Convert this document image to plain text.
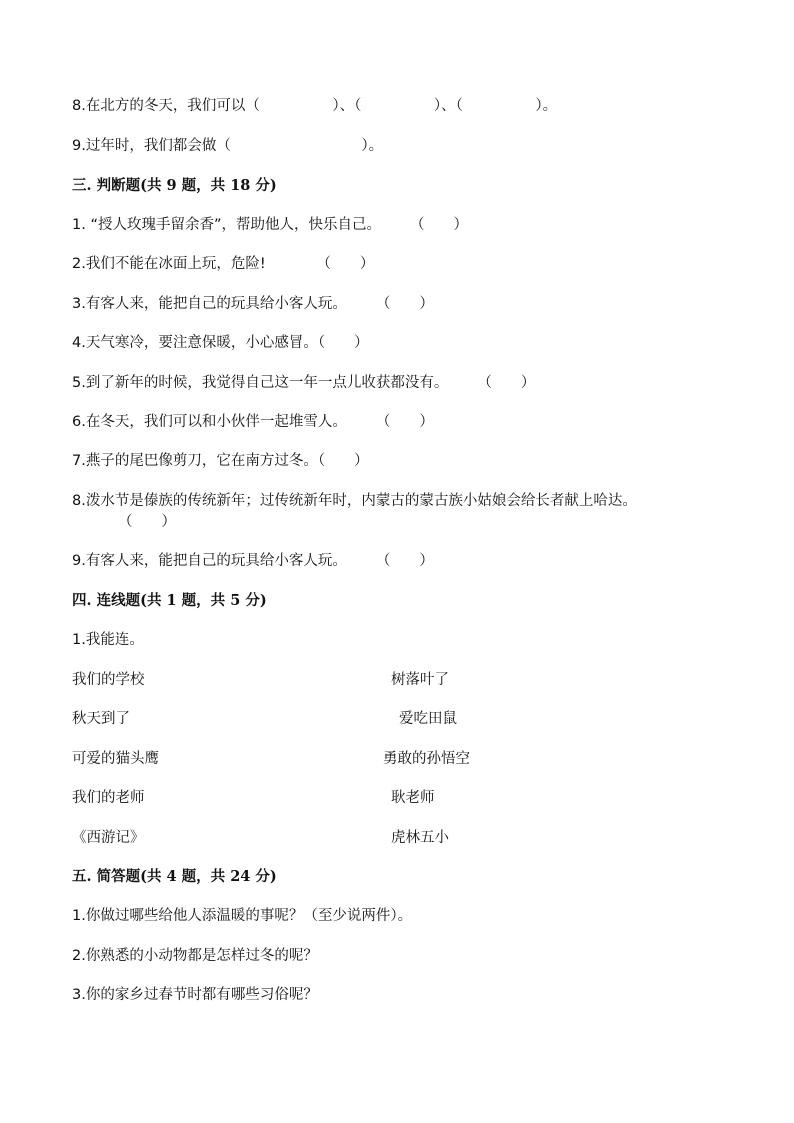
8.在北方的冬天，我们可以（　　　　　）、（　　　　　）、（　　　　　）。
9.过年时，我们都会做（　　　　　　　　　）。
三. 判断题(共 9 题，共 18 分)
1. “授人玫瑰手留余香”，帮助他人，快乐自己。　　　（　　）
2.我们不能在冰面上玩，危险!　　　　（　　）
3.有客人来，能把自己的玩具给小客人玩。　　　（　　）
4.天气寒冷，要注意保暖，小心感冒。（　　）
5.到了新年的时候，我觉得自己这一年一点儿收获都没有。　　　（　　）
6.在冬天，我们可以和小伙伴一起堆雪人。　　　（　　）
7.燕子的尾巴像剪刀，它在南方过冬。（　　）
8.泼水节是傣族的传统新年；过传统新年时，内蒙古的蒙古族小姑娘会给长者献上哈达。
（　　）
9.有客人来，能把自己的玩具给小客人玩。　　　（　　）
四. 连线题(共 1 题，共 5 分)
1.我能连。
我们的学校	树落叶了
秋天到了	爱吃田鼠
可爱的猫头鹰	勇敢的孙悟空
我们的老师	耿老师
《西游记》	虎林五小
五. 简答题(共 4 题，共 24 分)
1.你做过哪些给他人添温暖的事呢？（至少说两件）。
2.你熟悉的小动物都是怎样过冬的呢？
3.你的家乡过春节时都有哪些习俗呢？
